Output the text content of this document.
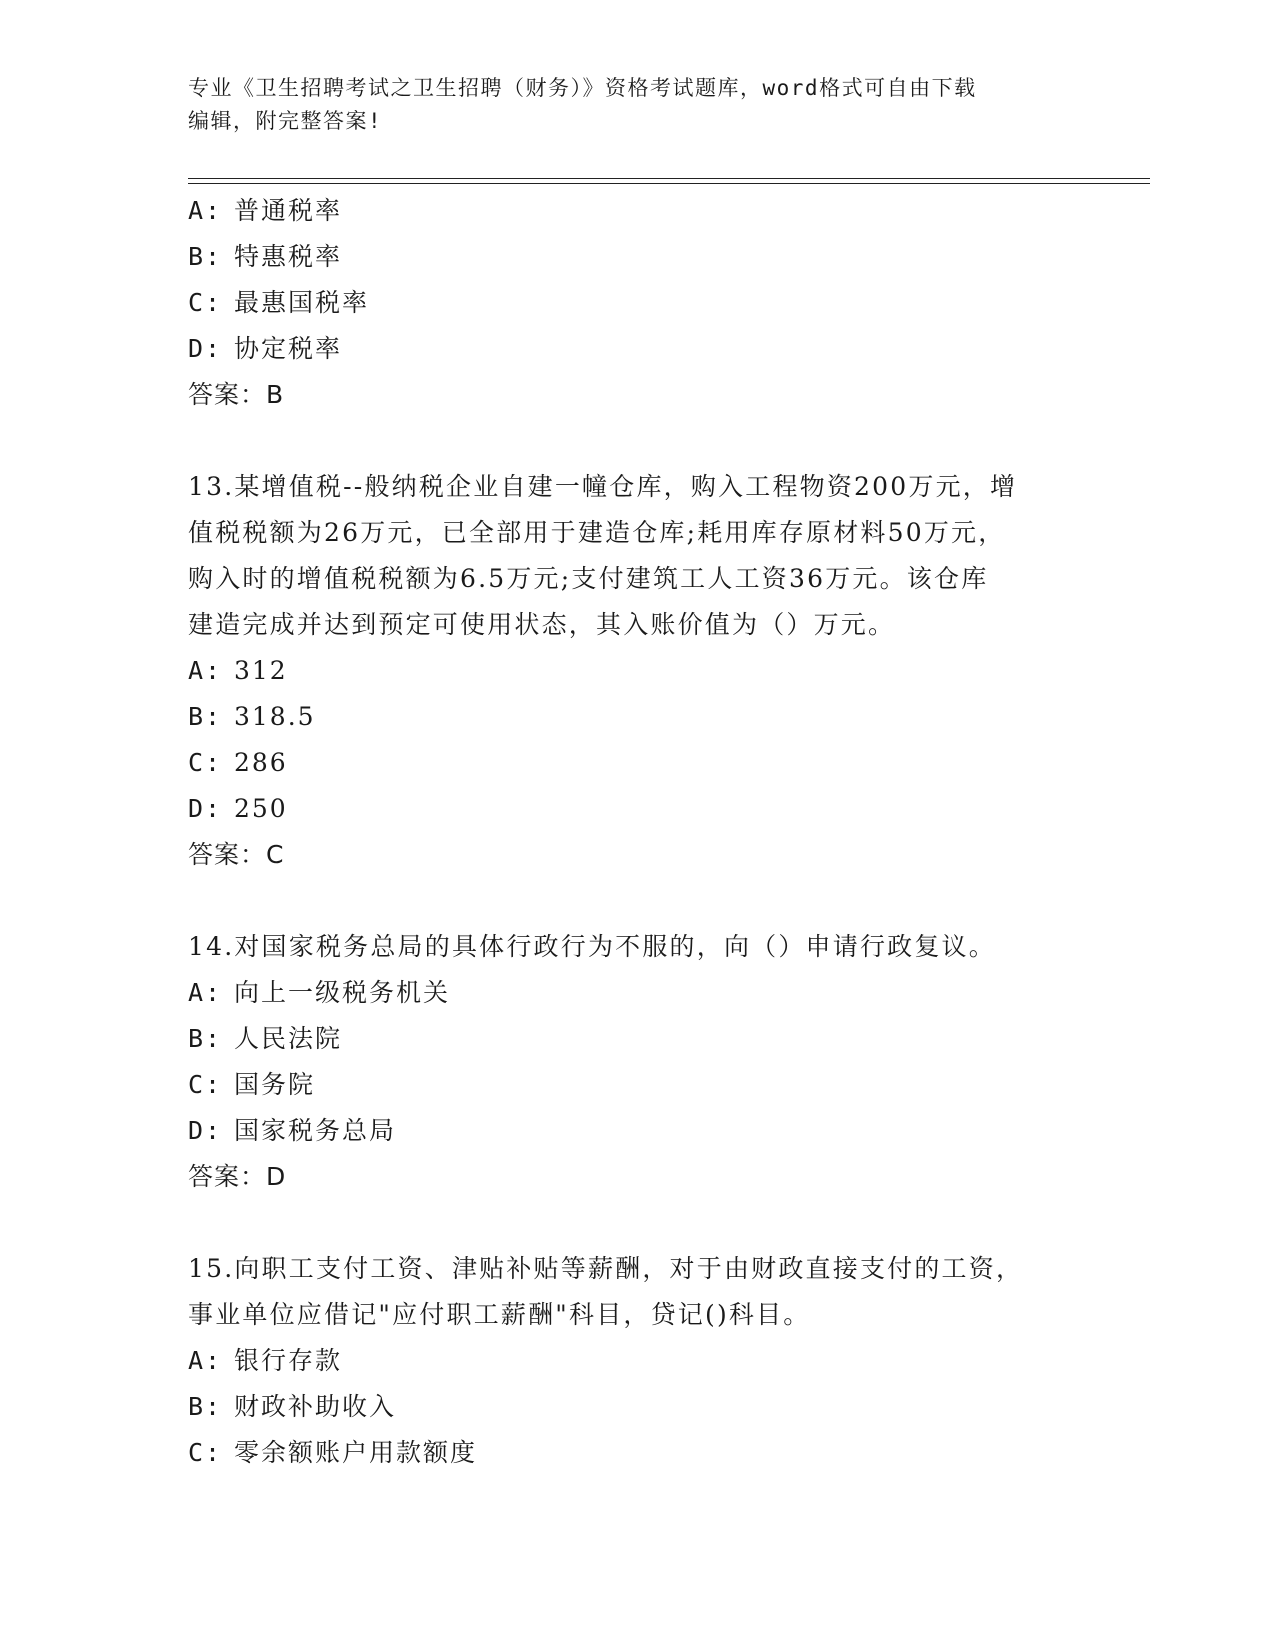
专业《卫生招聘考试之卫生招聘（财务）》资格考试题库，word格式可自由下载
编辑，附完整答案!
A: 普通税率
B: 特惠税率
C: 最惠国税率
D: 协定税率
答案：B
13.某增值税--般纳税企业自建一幢仓库，购入工程物资200万元，增
值税税额为26万元，已全部用于建造仓库;耗用库存原材料50万元，
购入时的增值税税额为6.5万元;支付建筑工人工资36万元。该仓库
建造完成并达到预定可使用状态，其入账价值为（）万元。
A: 312
B: 318.5
C: 286
D: 250
答案：C
14.对国家税务总局的具体行政行为不服的，向（）申请行政复议。
A: 向上一级税务机关
B: 人民法院
C: 国务院
D: 国家税务总局
答案：D
15.向职工支付工资、津贴补贴等薪酬，对于由财政直接支付的工资，
事业单位应借记"应付职工薪酬"科目，贷记()科目。
A: 银行存款
B: 财政补助收入
C: 零余额账户用款额度
